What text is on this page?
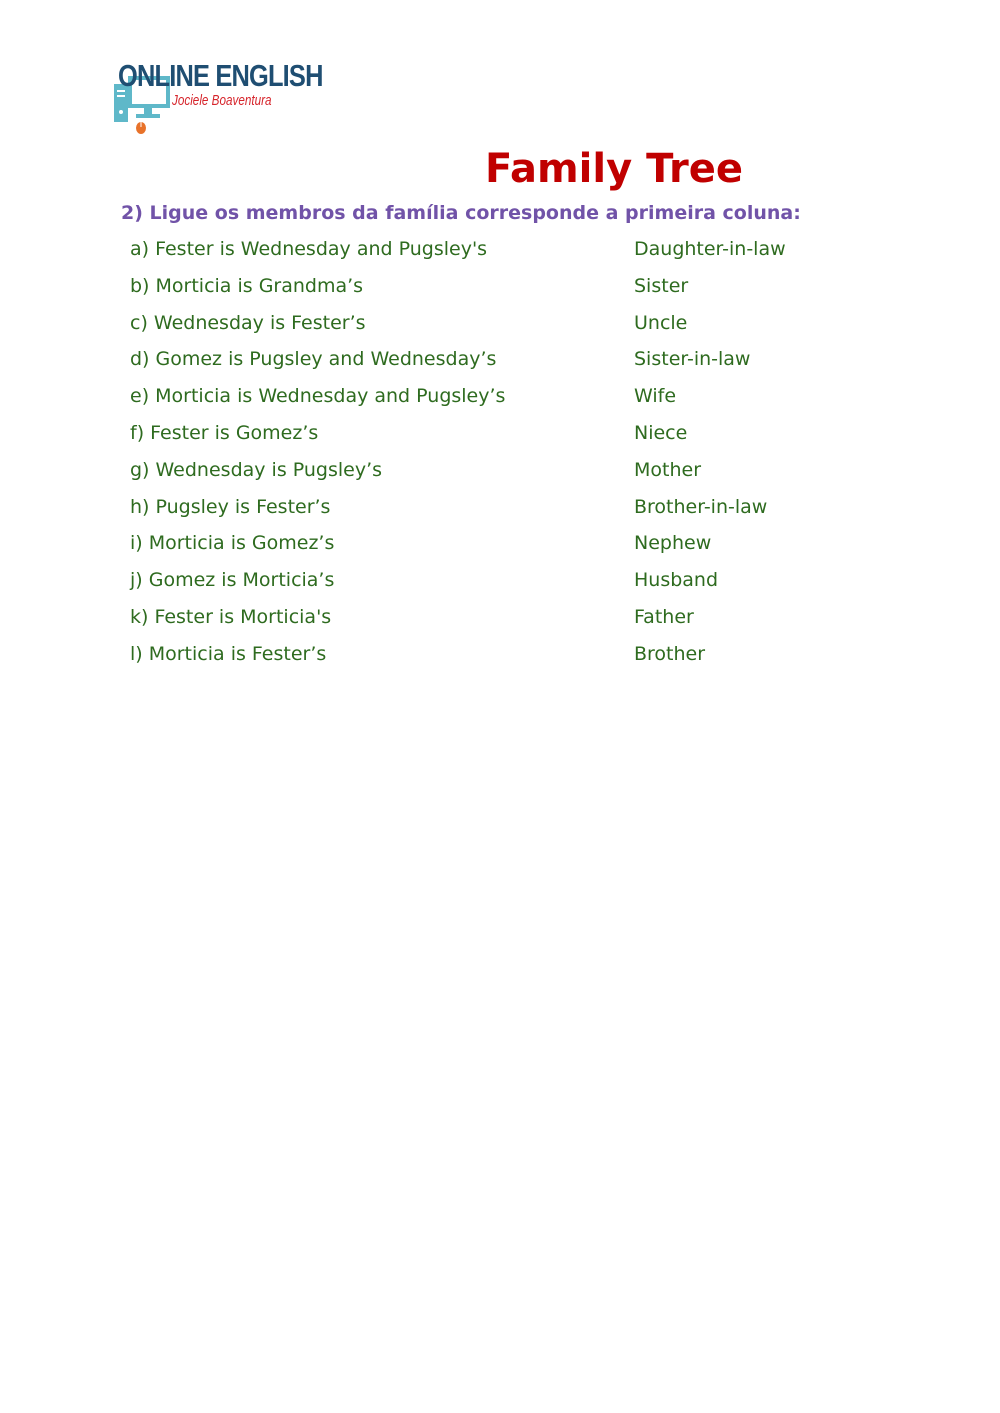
ONLINE ENGLISH
Jociele Boaventura
Family Tree

2) Ligue os membros da família corresponde a primeira coluna:

a) Fester is Wednesday and Pugsley's	Daughter-in-law
b) Morticia is Grandma’s	Sister
c) Wednesday is Fester’s	Uncle
d) Gomez is Pugsley and Wednesday’s	Sister-in-law
e) Morticia is Wednesday and Pugsley’s	Wife
f) Fester is Gomez’s	Niece
g) Wednesday is Pugsley’s	Mother
h) Pugsley is Fester’s	Brother-in-law
i) Morticia is Gomez’s	Nephew
j) Gomez is Morticia’s	Husband
k) Fester is Morticia's	Father
l) Morticia is Fester’s	Brother
